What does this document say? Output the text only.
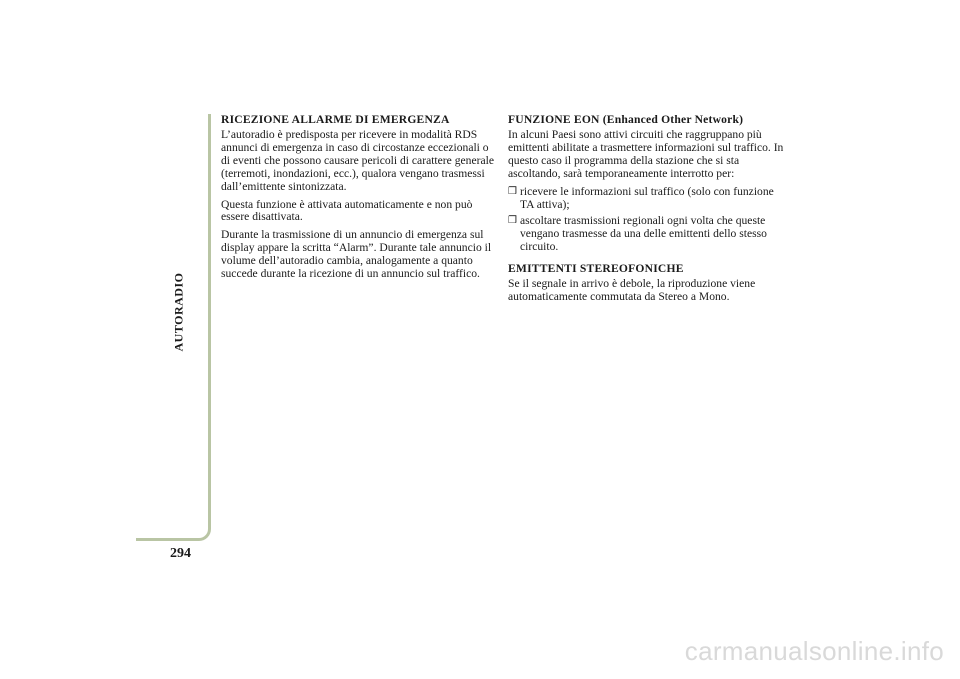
AUTORADIO
294
RICEZIONE ALLARME DI EMERGENZA

L’autoradio è predisposta per ricevere in modalità RDS annunci di emergenza in caso di circostanze eccezionali o di eventi che possono causare pericoli di carattere generale (terremoti, inondazioni, ecc.), qualora vengano trasmessi dall’emittente sintonizzata.

Questa funzione è attivata automaticamente e non può essere disattivata.

Durante la trasmissione di un annuncio di emergenza sul display appare la scritta “Alarm”. Durante tale annuncio il volume dell’autoradio cambia, analogamente a quanto succede durante la ricezione di un annuncio sul traffico.

FUNZIONE EON (Enhanced Other Network)

In alcuni Paesi sono attivi circuiti che raggruppano più emittenti abilitate a trasmettere informazioni sul traffico. In questo caso il programma della stazione che si sta ascoltando, sarà temporaneamente interrotto per:

❒ ricevere le informazioni sul traffico (solo con funzione TA attiva);
❒ ascoltare trasmissioni regionali ogni volta che queste vengano trasmesse da una delle emittenti dello stesso circuito.
EMITTENTI STEREOFONICHE

Se il segnale in arrivo è debole, la riproduzione viene automaticamente commutata da Stereo a Mono.

carmanualsonline.info
